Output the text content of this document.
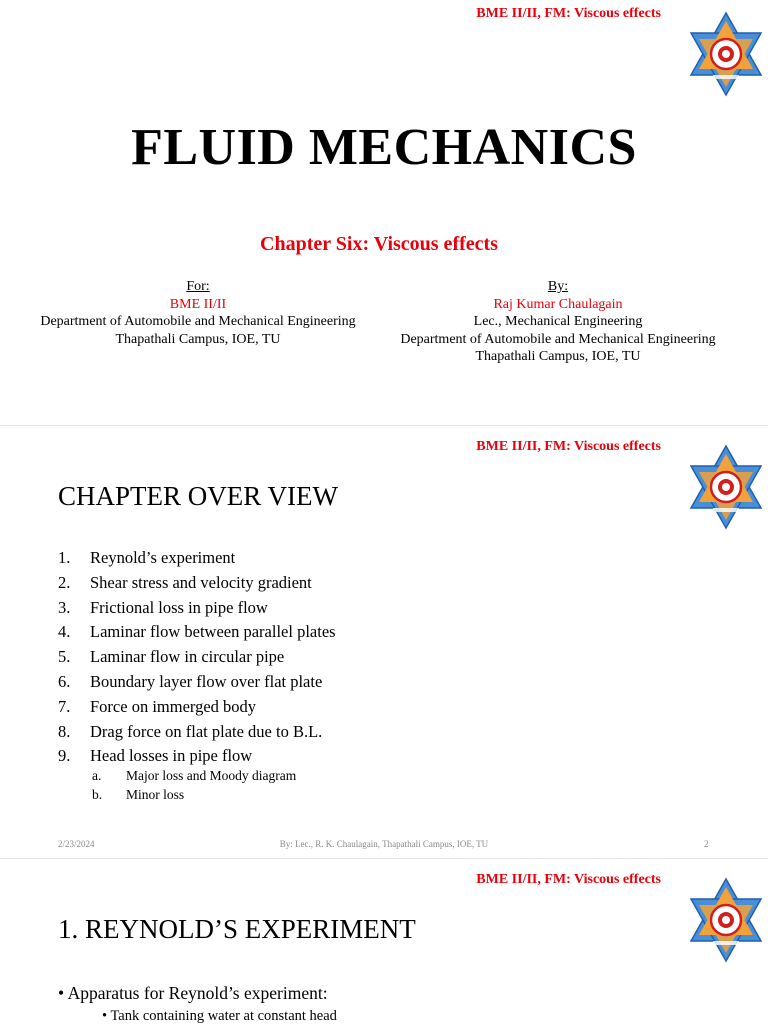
BME II/II, FM: Viscous effects
FLUID MECHANICS
Chapter Six: Viscous effects
For:
BME II/II
Department of Automobile and Mechanical Engineering
Thapathali Campus, IOE, TU
By:
Raj Kumar Chaulagain
Lec., Mechanical Engineering
Department of Automobile and Mechanical Engineering
Thapathali Campus, IOE, TU
BME II/II, FM: Viscous effects
CHAPTER OVER VIEW
1. Reynold’s experiment
2. Shear stress and velocity gradient
3. Frictional loss in pipe flow
4. Laminar flow between parallel plates
5. Laminar flow in circular pipe
6. Boundary layer flow over flat plate
7. Force on immerged body
8. Drag force on flat plate due to B.L.
9. Head losses in pipe flow
a. Major loss and Moody diagram
b. Minor loss
2/23/2024	By: Lec., R. K. Chaulagain, Thapathali Campus, IOE, TU	2
BME II/II, FM: Viscous effects
1. REYNOLD’S EXPERIMENT
• Apparatus for Reynold’s experiment:
• Tank containing water at constant head
